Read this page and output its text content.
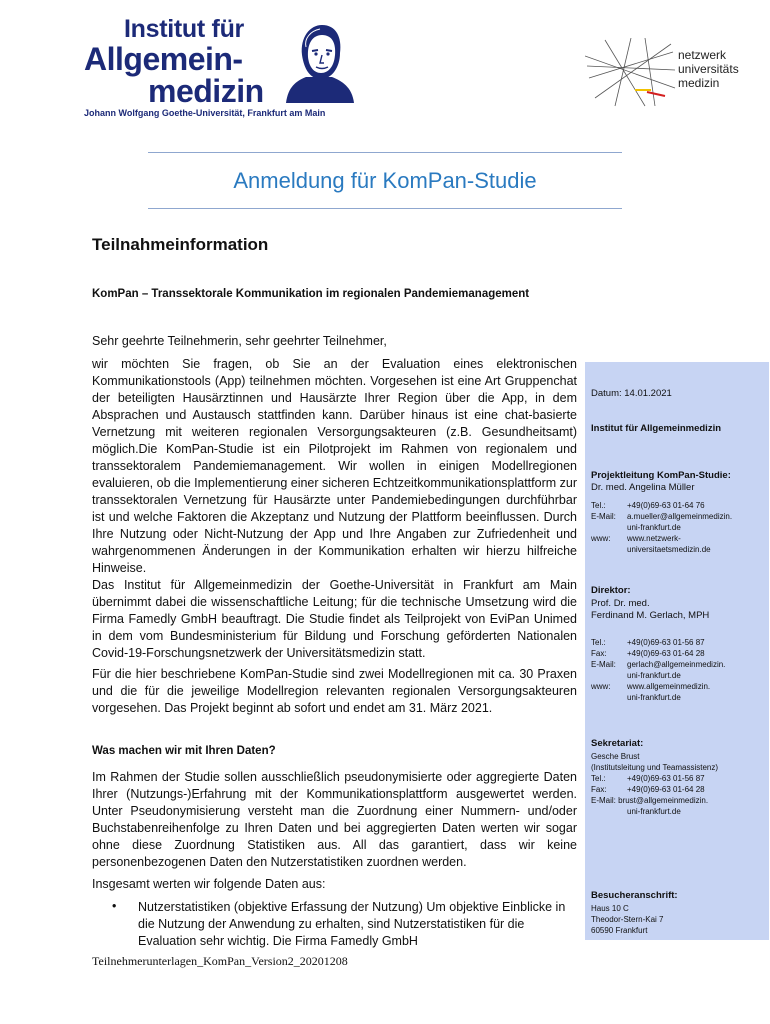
Institut für
Allgemein-
medizin
Johann Wolfgang Goethe-Universität, Frankfurt am Main
netzwerk
universitäts
medizin
Anmeldung für KomPan-Studie
Teilnahmeinformation
KomPan – Transsektorale Kommunikation im regionalen Pandemiemanagement
Sehr geehrte Teilnehmerin, sehr geehrter Teilnehmer,
wir möchten Sie fragen, ob Sie an der Evaluation eines elektronischen Kommunikationstools (App) teilnehmen möchten. Vorgesehen ist eine Art Gruppenchat der beteiligten Hausärztinnen und Hausärzte Ihrer Region über die App, in dem Absprachen und Austausch stattfinden kann. Darüber hinaus ist eine chat-basierte Vernetzung mit weiteren regionalen Versorgungsakteuren (z.B. Gesundheitsamt) möglich.Die KomPan-Studie ist ein Pilotprojekt im Rahmen von regionalem und transsektoralem Pandemiemanagement. Wir wollen in einigen Modellregionen evaluieren, ob die Implementierung einer sicheren Echtzeitkommunikationsplattform zur transsektoralen Vernetzung für Hausärzte unter Pandemiebedingungen durchführbar ist und welche Faktoren die Akzeptanz und Nutzung der Plattform beeinflussen. Durch Ihre Nutzung oder Nicht-Nutzung der App und Ihre Angaben zur Zufriedenheit und wahrgenommenen Änderungen in der Kommunikation erhalten wir hierzu hilfreiche Hinweise.
Das Institut für Allgemeinmedizin der Goethe-Universität in Frankfurt am Main übernimmt dabei die wissenschaftliche Leitung; für die technische Umsetzung wird die Firma Famedly GmbH beauftragt. Die Studie findet als Teilprojekt von EviPan Unimed in dem vom Bundesministerium für Bildung und Forschung geförderten Nationalen Covid-19-Forschungsnetzwerk der Universitätsmedizin statt.
Für die hier beschriebene KomPan-Studie sind zwei Modellregionen mit ca. 30 Praxen und die für die jeweilige Modellregion relevanten regionalen Versorgungsakteuren vorgesehen. Das Projekt beginnt ab sofort und endet am 31. März 2021.
Was machen wir mit Ihren Daten?
Im Rahmen der Studie sollen ausschließlich pseudonymisierte oder aggregierte Daten Ihrer (Nutzungs-)Erfahrung mit der Kommunikationsplattform ausgewertet werden. Unter Pseudonymisierung versteht man die Zuordnung einer Nummern- und/oder Buchstabenreihenfolge zu Ihren Daten und bei aggregierten Daten werten wir sogar ohne diese Zuordnung Statistiken aus. All das garantiert, dass wir keine personenbezogenen Daten den Nutzerstatistiken zuordnen werden.
Insgesamt werten wir folgende Daten aus:
• Nutzerstatistiken (objektive Erfassung der Nutzung) Um objektive Einblicke in die Nutzung der Anwendung zu erhalten, sind Nutzerstatistiken für die Evaluation sehr wichtig. Die Firma Famedly GmbH
Teilnehmerunterlagen_KomPan_Version2_20201208
Datum: 14.01.2021
Institut für Allgemeinmedizin
Projektleitung KomPan-Studie:
Dr. med. Angelina Müller
Tel.:	+49(0)69-63 01-64 76
E-Mail: a.mueller@allgemeinmedizin.
uni-frankfurt.de
www: www.netzwerk-
universitaetsmedizin.de
Direktor:
Prof. Dr. med.
Ferdinand M. Gerlach, MPH
Tel.:	+49(0)69-63 01-56 87
Fax:	+49(0)69-63 01-64 28
E-Mail: gerlach@allgemeinmedizin.
uni-frankfurt.de
www: www.allgemeinmedizin.
uni-frankfurt.de
Sekretariat:
Gesche Brust
(Institutsleitung und Teamassistenz)
Tel.:	+49(0)69-63 01-56 87
Fax:	+49(0)69-63 01-64 28
E-Mail: brust@allgemeinmedizin.
uni-frankfurt.de
Besucheranschrift:
Haus 10 C
Theodor-Stern-Kai 7
60590 Frankfurt
